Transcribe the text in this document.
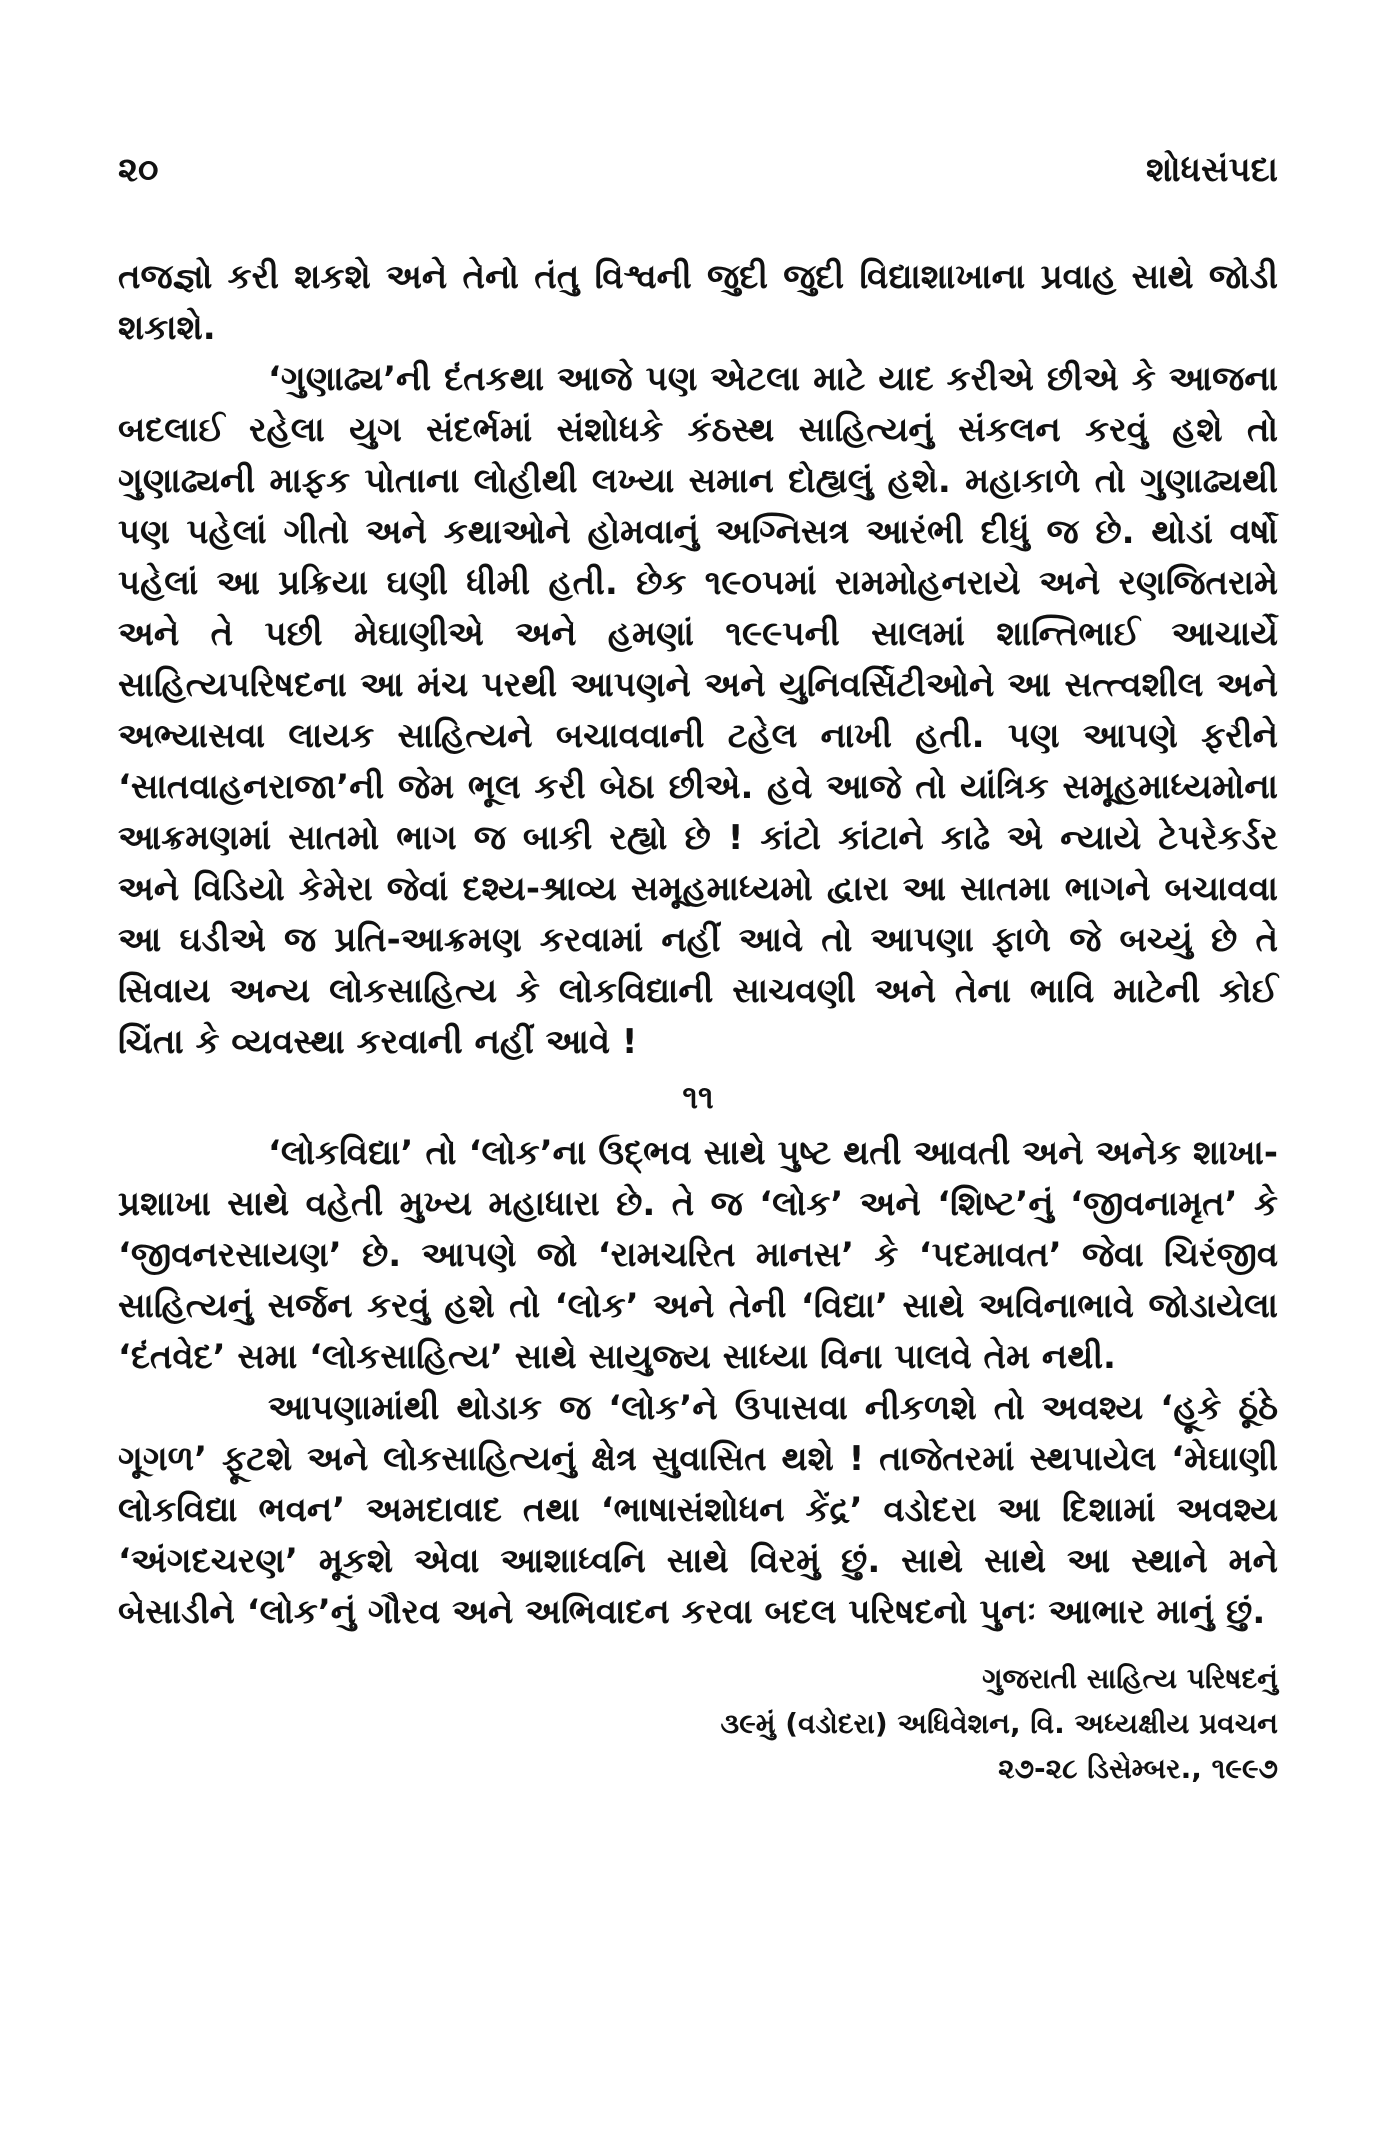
૨૦	શોધસંપદા

તજજ્ઞો કરી શકશે અને તેનો તંતુ વિશ્વની જુદી જુદી વિદ્યાશાખાના પ્રવાહ સાથે જોડી શકાશે.

‘ગુણાઢ્ય’ની દંતકથા આજે પણ એટલા માટે યાદ કરીએ છીએ કે આજના બદલાઈ રહેલા યુગ સંદર્ભમાં સંશોધકે કંઠસ્થ સાહિત્યનું સંકલન કરવું હશે તો ગુણાઢ્યની માફક પોતાના લોહીથી લખ્યા સમાન દોહ્યલું હશે. મહાકાળે તો ગુણાઢ્યથી પણ પહેલાં ગીતો અને કથાઓને હોમવાનું અગ્નિસત્ર આરંભી દીધું જ છે. થોડાં વર્ષો પહેલાં આ પ્રક્રિયા ઘણી ધીમી હતી. છેક ૧૯૦૫માં રામમોહનરાયે અને રણજિતરામે અને તે પછી મેઘાણીએ અને હમણાં ૧૯૯૫ની સાલમાં શાન્તિભાઈ આચાર્યે સાહિત્યપરિષદના આ મંચ પરથી આપણને અને યુનિવર્સિટીઓને આ સત્ત્વશીલ અને અભ્યાસવા લાયક સાહિત્યને બચાવવાની ટહેલ નાખી હતી. પણ આપણે ફરીને ‘સાતવાહનરાજા’ની જેમ ભૂલ કરી બેઠા છીએ. હવે આજે તો યાંત્રિક સમૂહમાધ્યમોના આક્રમણમાં સાતમો ભાગ જ બાકી રહ્યો છે ! કાંટો કાંટાને કાઢે એ ન્યાયે ટેપરેકર્ડર અને વિડિયો કેમેરા જેવાં દશ્ય-શ્રાવ્ય સમૂહમાધ્યમો દ્વારા આ સાતમા ભાગને બચાવવા આ ઘડીએ જ પ્રતિ-આક્રમણ કરવામાં નહીં આવે તો આપણા ફાળે જે બચ્યું છે તે સિવાય અન્ય લોકસાહિત્ય કે લોકવિદ્યાની સાચવણી અને તેના ભાવિ માટેની કોઈ ચિંતા કે વ્યવસ્થા કરવાની નહીં આવે !

૧૧

‘લોકવિદ્યા’ તો ‘લોક’ના ઉદ્ભવ સાથે પુષ્ટ થતી આવતી અને અનેક શાખા-પ્રશાખા સાથે વહેતી મુખ્ય મહાધારા છે. તે જ ‘લોક’ અને ‘શિષ્ટ’નું ‘જીવનામૃત’ કે ‘જીવનરસાયણ’ છે. આપણે જો ‘રામચરિત માનસ’ કે ‘પદમાવત’ જેવા ચિરંજીવ સાહિત્યનું સર્જન કરવું હશે તો ‘લોક’ અને તેની ‘વિદ્યા’ સાથે અવિનાભાવે જોડાયેલા ‘દંતવેદ’ સમા ‘લોકસાહિત્ય’ સાથે સાયુજ્ય સાધ્યા વિના પાલવે તેમ નથી.

આપણામાંથી થોડાક જ ‘લોક’ને ઉપાસવા નીકળશે તો અવશ્ય ‘હૂકે ઠૂંઠે ગૂગળ’ ફૂટશે અને લોકસાહિત્યનું ક્ષેત્ર સુવાસિત થશે ! તાજેતરમાં સ્થપાયેલ ‘મેઘાણી લોકવિદ્યા ભવન’ અમદાવાદ તથા ‘ભાષાસંશોધન કેંદ્ર’ વડોદરા આ દિશામાં અવશ્ય ‘અંગદચરણ’ મૂકશે એવા આશાધ્વનિ સાથે વિરમું છું. સાથે સાથે આ સ્થાને મને બેસાડીને ‘લોક’નું ગૌરવ અને અભિવાદન કરવા બદલ પરિષદનો પુનઃ આભાર માનું છું.

ગુજરાતી સાહિત્ય પરિષદનું
૩૯મું (વડોદરા) અધિવેશન, વિ. અધ્યક્ષીય પ્રવચન
૨૭-૨૮ ડિસેમ્બર., ૧૯૯૭
